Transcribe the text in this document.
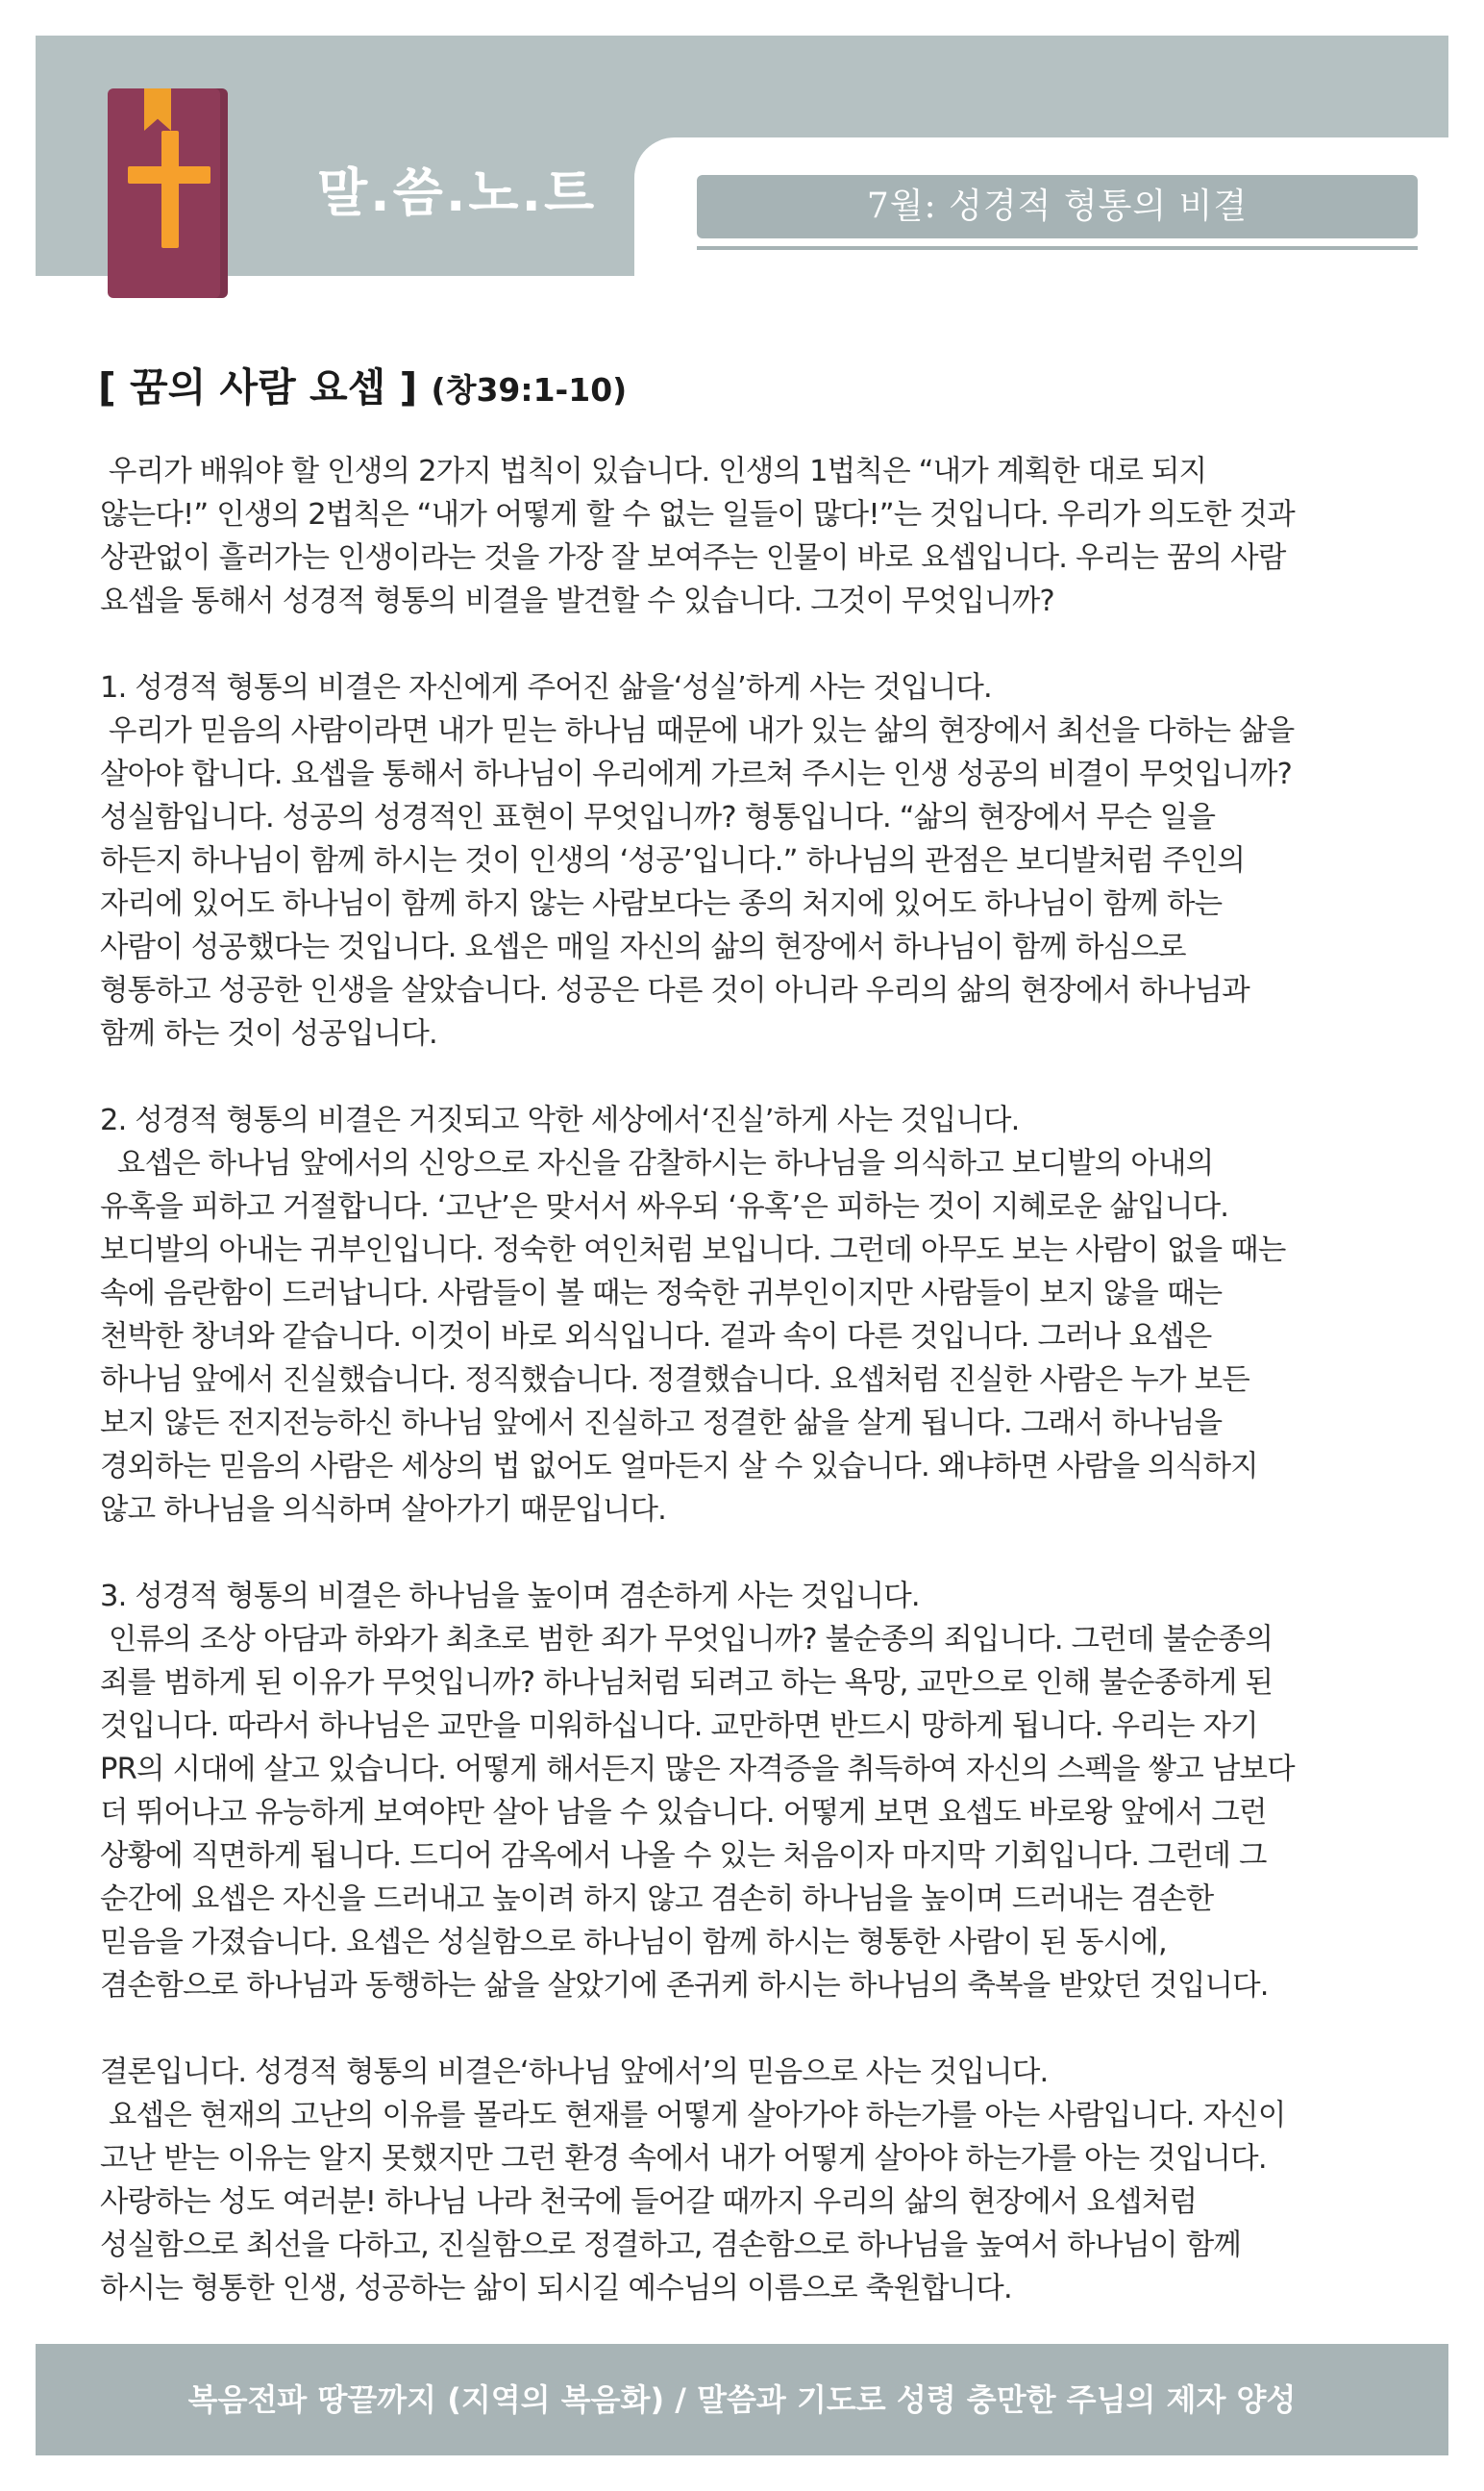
말.씀.노.트	7월: 성경적 형통의 비결
[ 꿈의 사람 요셉 ] (창39:1-10)

우리가 배워야 할 인생의 2가지 법칙이 있습니다. 인생의 1법칙은 “내가 계획한 대로 되지
않는다!” 인생의 2법칙은 “내가 어떻게 할 수 없는 일들이 많다!”는 것입니다. 우리가 의도한 것과
상관없이 흘러가는 인생이라는 것을 가장 잘 보여주는 인물이 바로 요셉입니다. 우리는 꿈의 사람
요셉을 통해서 성경적 형통의 비결을 발견할 수 있습니다. 그것이 무엇입니까?

1. 성경적 형통의 비결은 자신에게 주어진 삶을‘성실’하게 사는 것입니다.
우리가 믿음의 사람이라면 내가 믿는 하나님 때문에 내가 있는 삶의 현장에서 최선을 다하는 삶을
살아야 합니다. 요셉을 통해서 하나님이 우리에게 가르쳐 주시는 인생 성공의 비결이 무엇입니까?
성실함입니다. 성공의 성경적인 표현이 무엇입니까? 형통입니다. “삶의 현장에서 무슨 일을
하든지 하나님이 함께 하시는 것이 인생의 ‘성공’입니다.” 하나님의 관점은 보디발처럼 주인의
자리에 있어도 하나님이 함께 하지 않는 사람보다는 종의 처지에 있어도 하나님이 함께 하는
사람이 성공했다는 것입니다. 요셉은 매일 자신의 삶의 현장에서 하나님이 함께 하심으로
형통하고 성공한 인생을 살았습니다. 성공은 다른 것이 아니라 우리의 삶의 현장에서 하나님과
함께 하는 것이 성공입니다.

2. 성경적 형통의 비결은 거짓되고 악한 세상에서‘진실’하게 사는 것입니다.
요셉은 하나님 앞에서의 신앙으로 자신을 감찰하시는 하나님을 의식하고 보디발의 아내의
유혹을 피하고 거절합니다. ‘고난’은 맞서서 싸우되 ‘유혹’은 피하는 것이 지혜로운 삶입니다.
보디발의 아내는 귀부인입니다. 정숙한 여인처럼 보입니다. 그런데 아무도 보는 사람이 없을 때는
속에 음란함이 드러납니다. 사람들이 볼 때는 정숙한 귀부인이지만 사람들이 보지 않을 때는
천박한 창녀와 같습니다. 이것이 바로 외식입니다. 겉과 속이 다른 것입니다. 그러나 요셉은
하나님 앞에서 진실했습니다. 정직했습니다. 정결했습니다. 요셉처럼 진실한 사람은 누가 보든
보지 않든 전지전능하신 하나님 앞에서 진실하고 정결한 삶을 살게 됩니다. 그래서 하나님을
경외하는 믿음의 사람은 세상의 법 없어도 얼마든지 살 수 있습니다. 왜냐하면 사람을 의식하지
않고 하나님을 의식하며 살아가기 때문입니다.

3. 성경적 형통의 비결은 하나님을 높이며 겸손하게 사는 것입니다.
인류의 조상 아담과 하와가 최초로 범한 죄가 무엇입니까? 불순종의 죄입니다. 그런데 불순종의
죄를 범하게 된 이유가 무엇입니까? 하나님처럼 되려고 하는 욕망, 교만으로 인해 불순종하게 된
것입니다. 따라서 하나님은 교만을 미워하십니다. 교만하면 반드시 망하게 됩니다. 우리는 자기
PR의 시대에 살고 있습니다. 어떻게 해서든지 많은 자격증을 취득하여 자신의 스펙을 쌓고 남보다
더 뛰어나고 유능하게 보여야만 살아 남을 수 있습니다. 어떻게 보면 요셉도 바로왕 앞에서 그런
상황에 직면하게 됩니다. 드디어 감옥에서 나올 수 있는 처음이자 마지막 기회입니다. 그런데 그
순간에 요셉은 자신을 드러내고 높이려 하지 않고 겸손히 하나님을 높이며 드러내는 겸손한
믿음을 가졌습니다. 요셉은 성실함으로 하나님이 함께 하시는 형통한 사람이 된 동시에,
겸손함으로 하나님과 동행하는 삶을 살았기에 존귀케 하시는 하나님의 축복을 받았던 것입니다.

결론입니다. 성경적 형통의 비결은‘하나님 앞에서’의 믿음으로 사는 것입니다.
요셉은 현재의 고난의 이유를 몰라도 현재를 어떻게 살아가야 하는가를 아는 사람입니다. 자신이
고난 받는 이유는 알지 못했지만 그런 환경 속에서 내가 어떻게 살아야 하는가를 아는 것입니다.
사랑하는 성도 여러분! 하나님 나라 천국에 들어갈 때까지 우리의 삶의 현장에서 요셉처럼
성실함으로 최선을 다하고, 진실함으로 정결하고, 겸손함으로 하나님을 높여서 하나님이 함께
하시는 형통한 인생, 성공하는 삶이 되시길 예수님의 이름으로 축원합니다.

복음전파 땅끝까지 (지역의 복음화) / 말씀과 기도로 성령 충만한 주님의 제자 양성
